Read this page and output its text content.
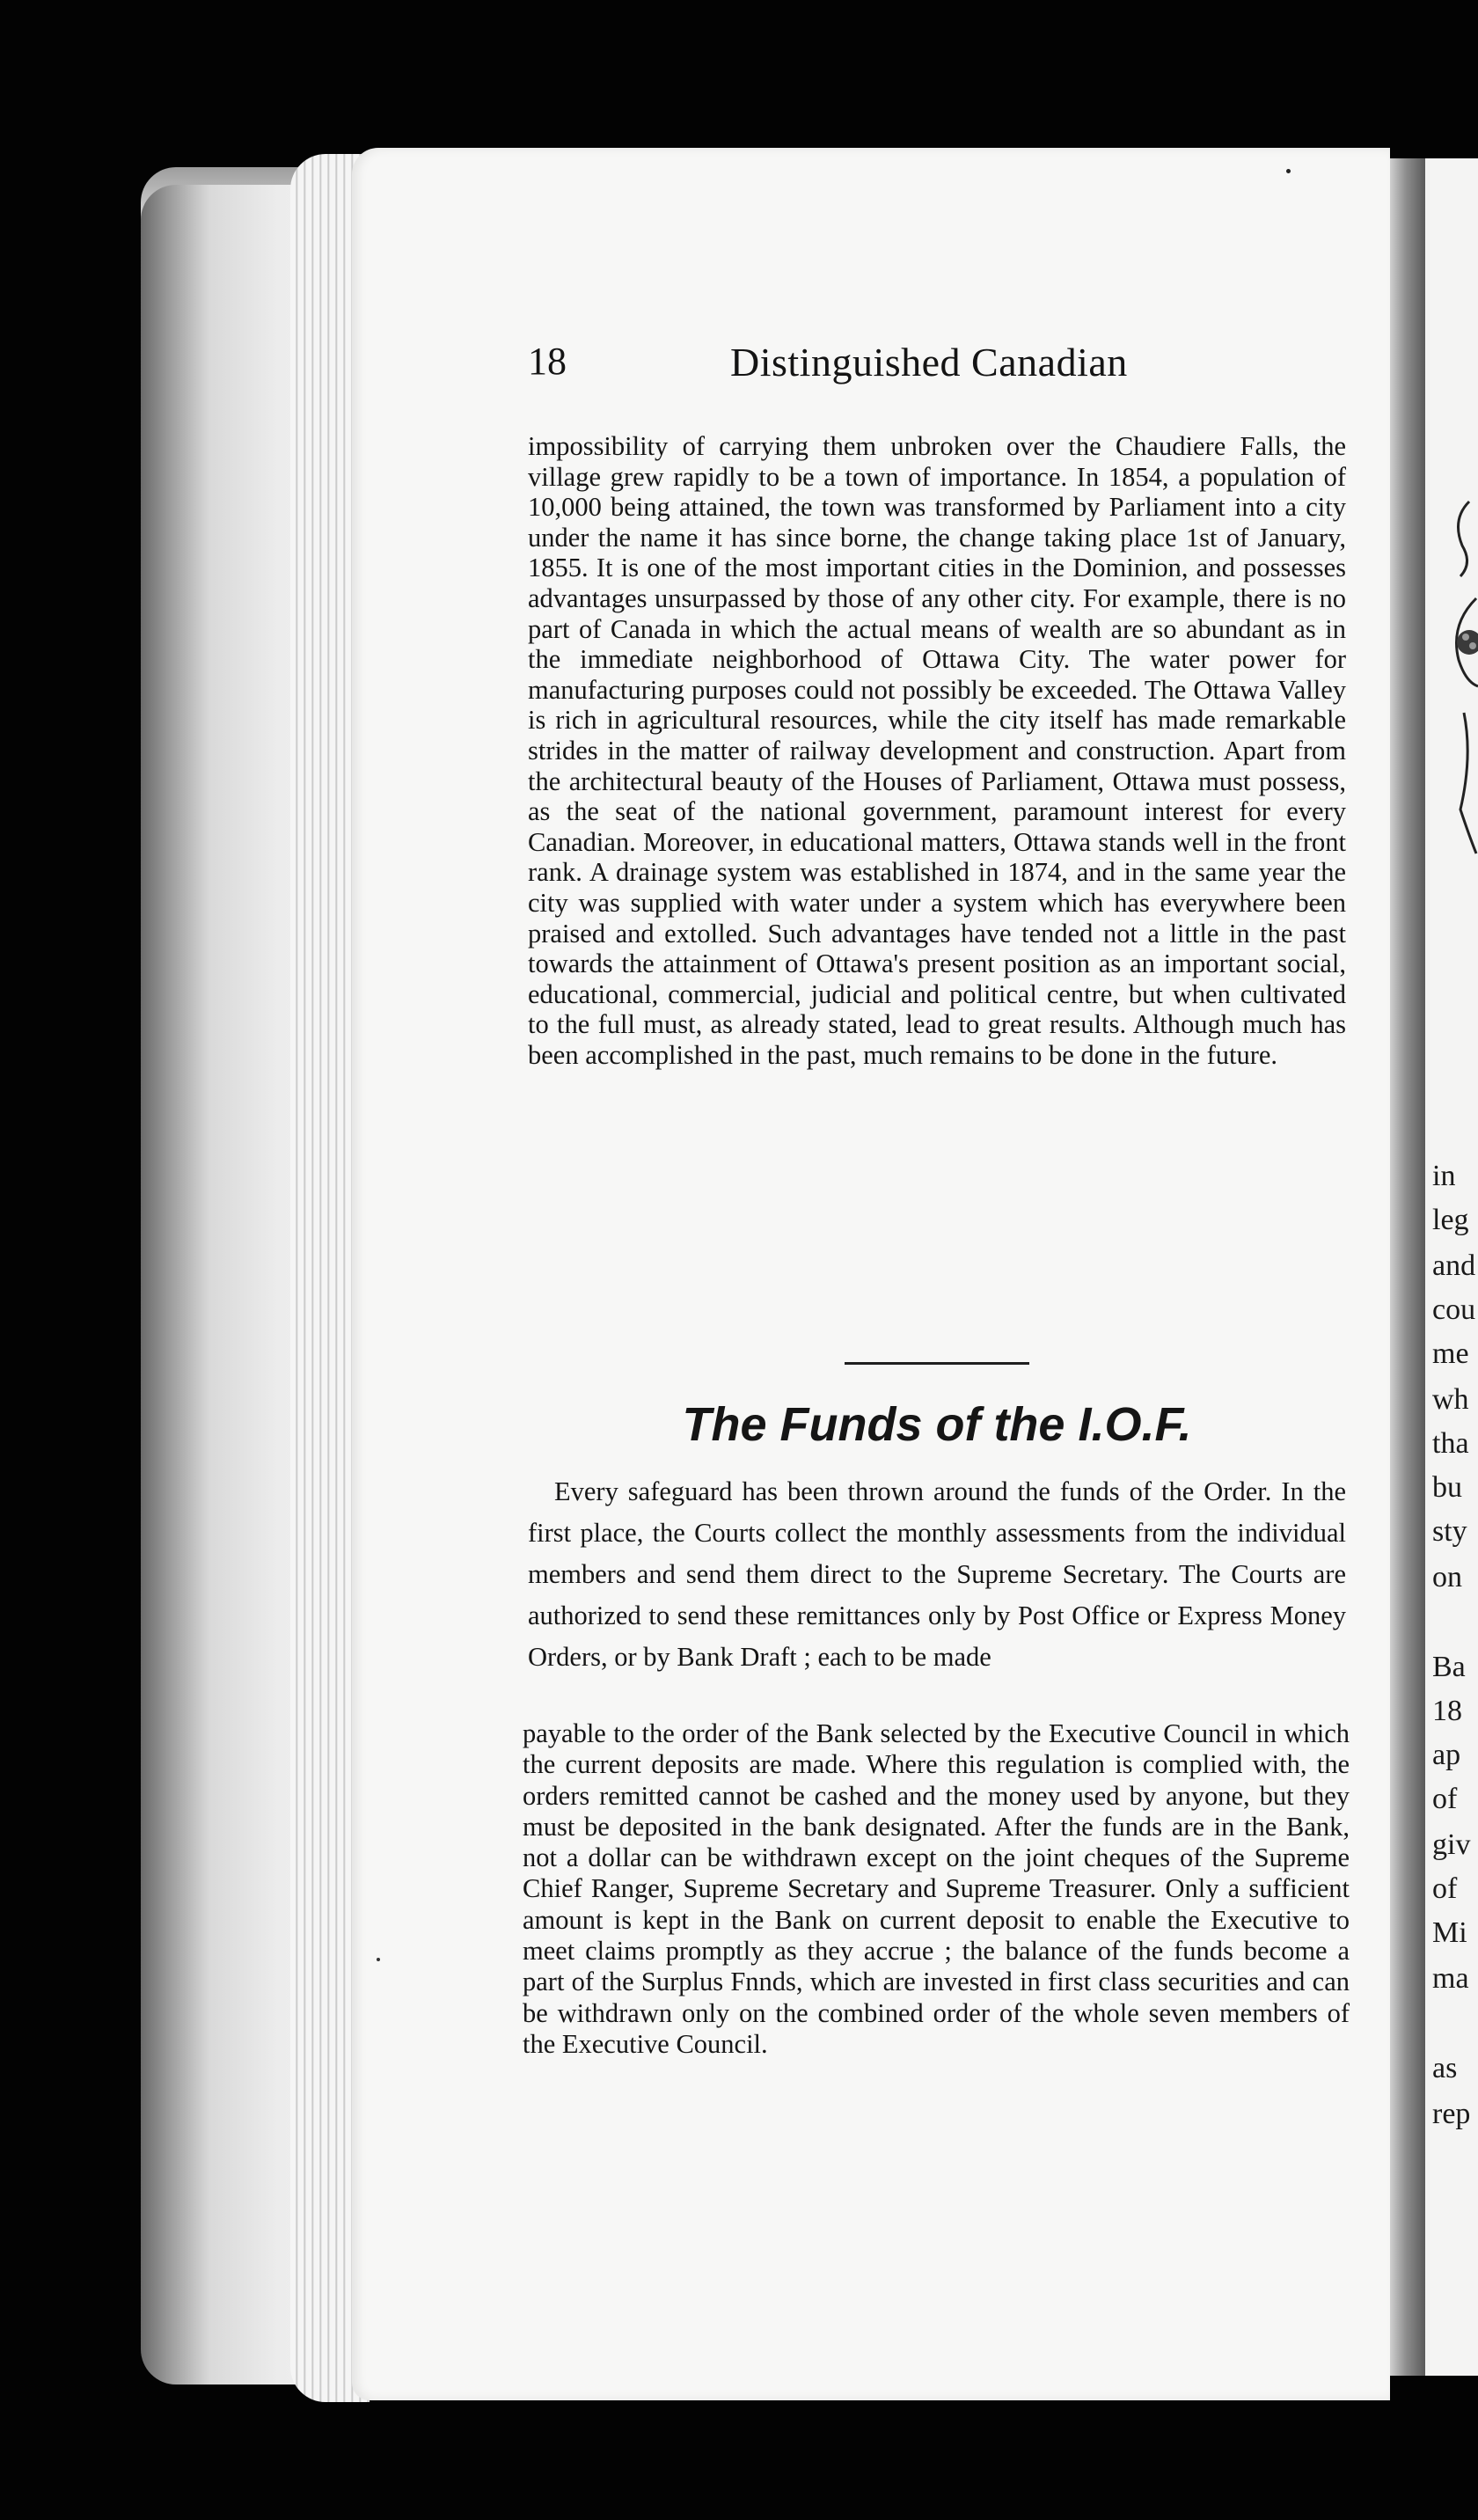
in
leg
and
cou
me
wh
tha
bu
sty
on
Ba
18
ap
of
giv
of
Mi
ma
as
rep
18	Distinguished Canadian
impossibility of carrying them unbroken over the Chaudiere Falls, the village grew rapidly to be a town of importance. In 1854, a population of 10,000 being attained, the town was transformed by Parliament into a city under the name it has since borne, the change taking place 1st of January, 1855. It is one of the most important cities in the Dominion, and possesses advantages unsurpassed by those of any other city. For example, there is no part of Canada in which the actual means of wealth are so abundant as in the immediate neighborhood of Ottawa City. The water power for manufacturing purposes could not possibly be exceeded. The Ottawa Valley is rich in agricultural resources, while the city itself has made remarkable strides in the matter of railway development and construction. Apart from the architectural beauty of the Houses of Parliament, Ottawa must possess, as the seat of the national government, paramount interest for every Canadian. Moreover, in educational matters, Ottawa stands well in the front rank. A drainage system was established in 1874, and in the same year the city was supplied with water under a system which has everywhere been praised and extolled. Such advantages have tended not a little in the past towards the attainment of Ottawa's present position as an important social, educational, commercial, judicial and political centre, but when cultivated to the full must, as already stated, lead to great results. Although much has been accomplished in the past, much remains to be done in the future.
The Funds of the I.O.F.
Every safeguard has been thrown around the funds of the Order. In the first place, the Courts collect the monthly assessments from the individual members and send them direct to the Supreme Secretary. The Courts are authorized to send these remittances only by Post Office or Express Money Orders, or by Bank Draft ; each to be made
payable to the order of the Bank selected by the Executive Council in which the current deposits are made. Where this regulation is complied with, the orders remitted cannot be cashed and the money used by anyone, but they must be deposited in the bank designated. After the funds are in the Bank, not a dollar can be withdrawn except on the joint cheques of the Supreme Chief Ranger, Supreme Secretary and Supreme Treasurer. Only a sufficient amount is kept in the Bank on current deposit to enable the Executive to meet claims promptly as they accrue ; the balance of the funds become a part of the Surplus Fnnds, which are invested in first class securities and can be withdrawn only on the combined order of the whole seven members of the Executive Council.
